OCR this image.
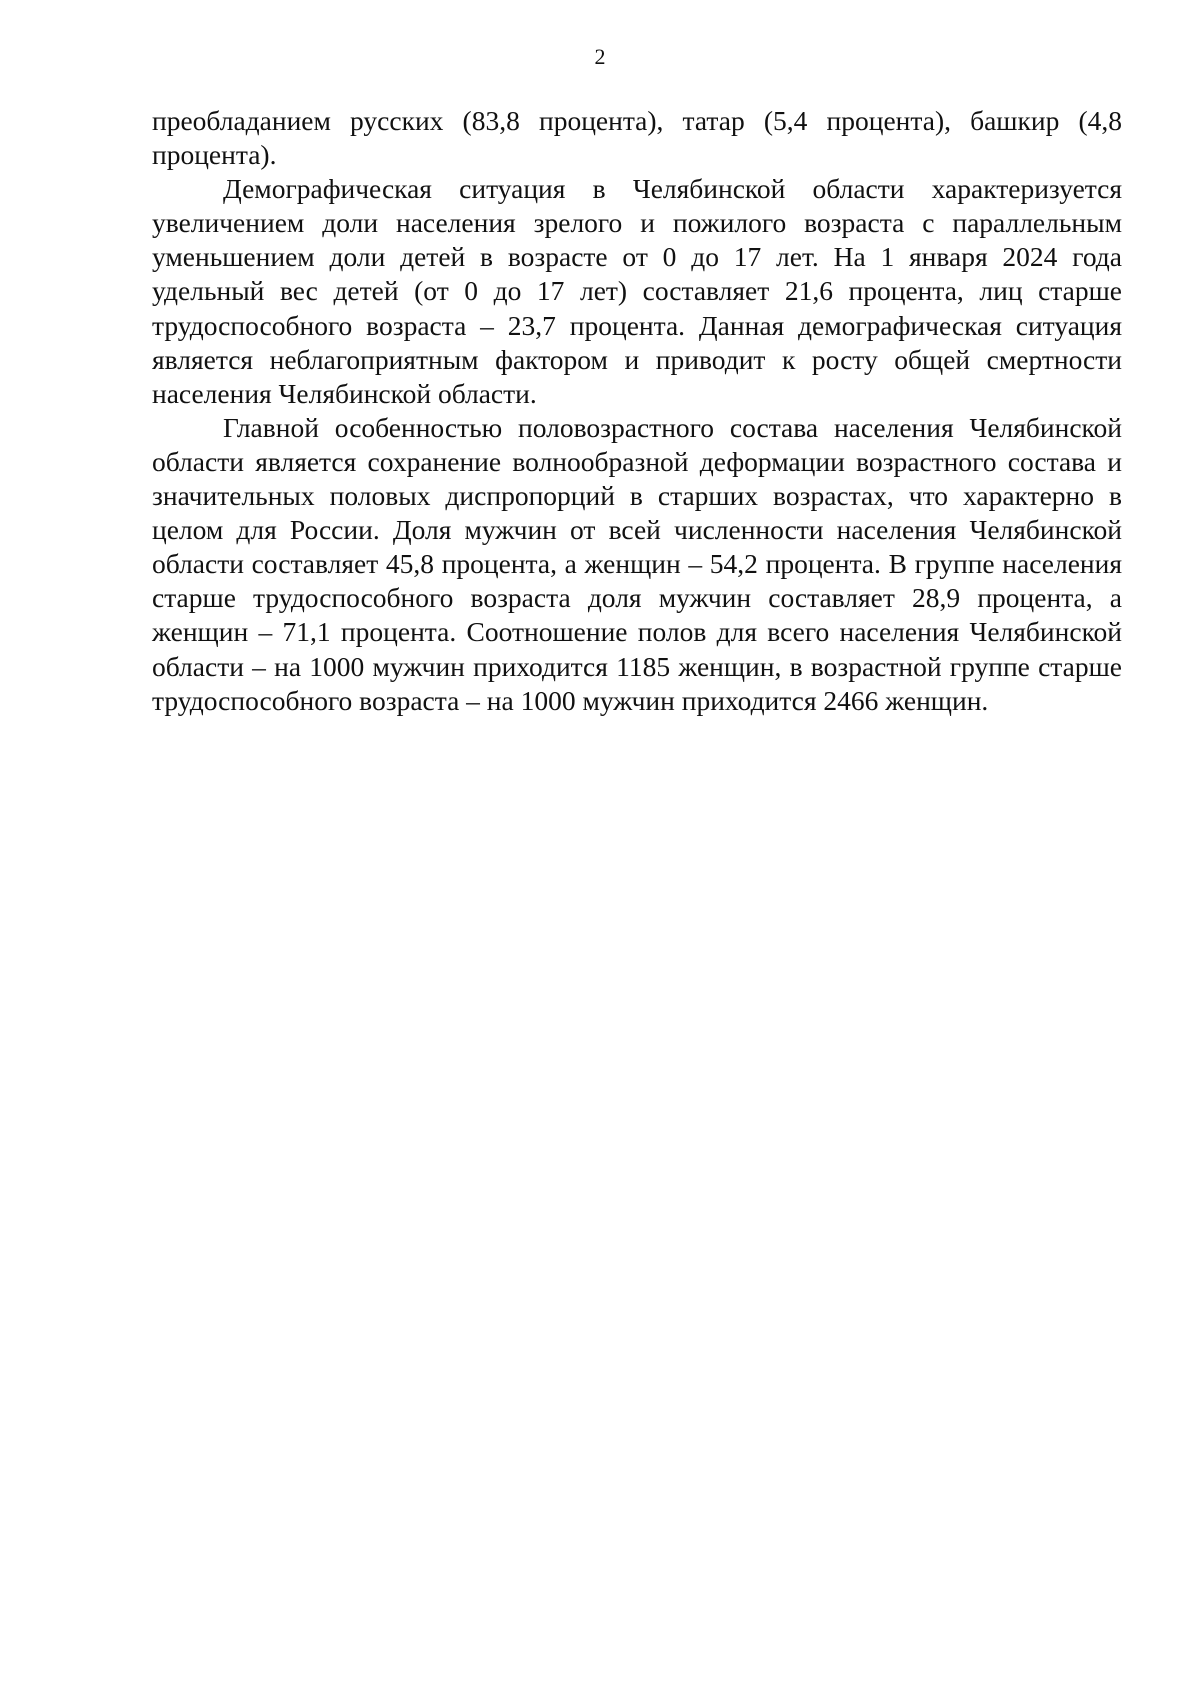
2

преобладанием русских (83,8 процента), татар (5,4 процента), башкир (4,8 процента).

Демографическая ситуация в Челябинской области характеризуется увеличением доли населения зрелого и пожилого возраста с параллельным уменьшением доли детей в возрасте от 0 до 17 лет. На 1 января 2024 года удельный вес детей (от 0 до 17 лет) составляет 21,6 процента, лиц старше трудоспособного возраста – 23,7 процента. Данная демографическая ситуация является неблагоприятным фактором и приводит к росту общей смертности населения Челябинской области.

Главной особенностью половозрастного состава населения Челябинской области является сохранение волнообразной деформации возрастного состава и значительных половых диспропорций в старших возрастах, что характерно в целом для России. Доля мужчин от всей численности населения Челябинской области составляет 45,8 процента, а женщин – 54,2 процента. В группе населения старше трудоспособного возраста доля мужчин составляет 28,9 процента, а женщин – 71,1 процента. Соотношение полов для всего населения Челябинской области – на 1000 мужчин приходится 1185 женщин, в возрастной группе старше трудоспособного возраста – на 1000 мужчин приходится 2466 женщин.
